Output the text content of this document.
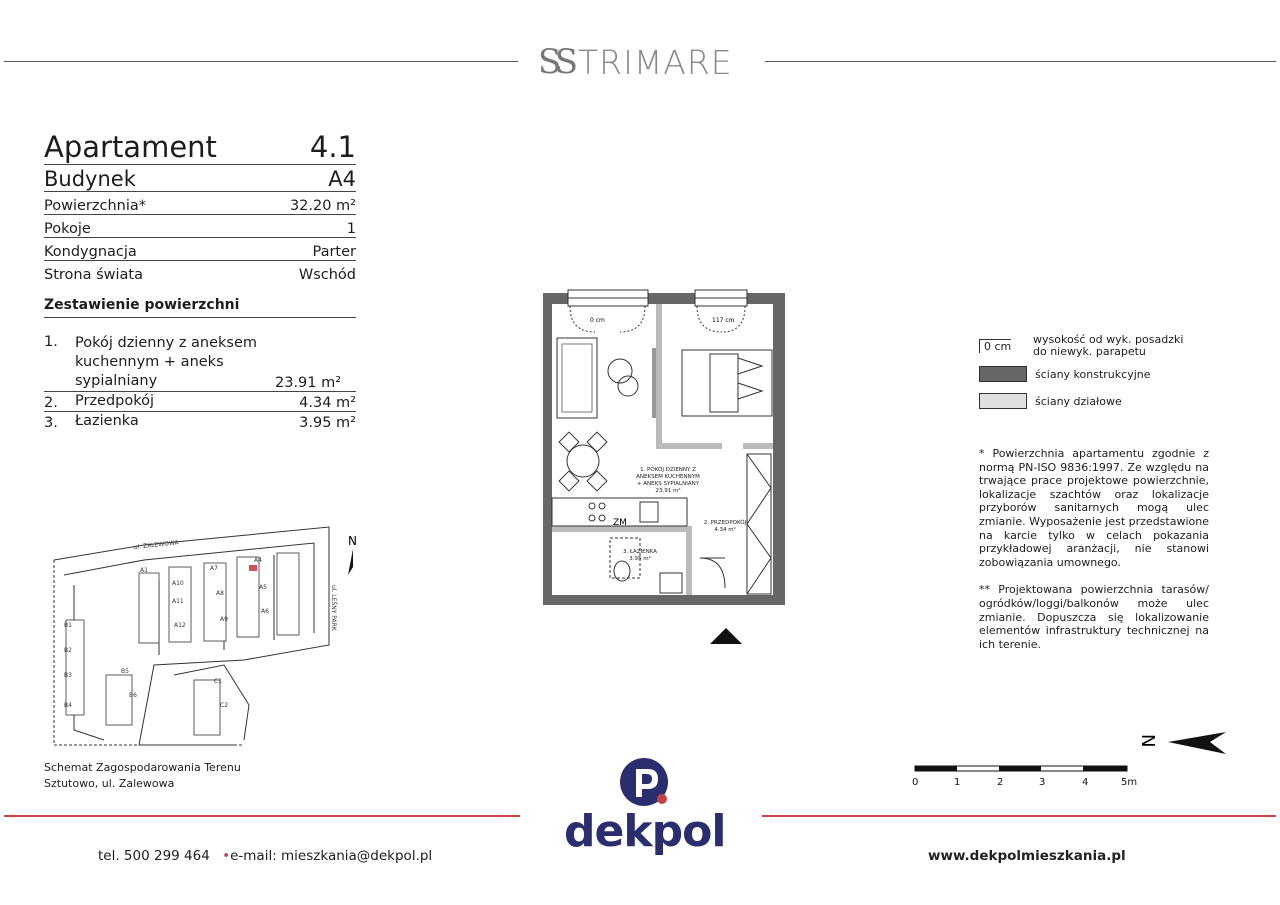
SS TRIMARE
Apartament	4.1
Budynek	A4
Powierzchnia*	32.20 m²
Pokoje	1
Kondygnacja	Parter
Strona świata	Wschód
Zestawienie powierzchni
1.	Pokój dzienny z aneksem kuchennym + aneks sypialniany	23.91 m²
2.	Przedpokój	4.34 m²
3.	Łazienka	3.95 m²
ul. ZALEWOWA
ul. LEŚNY PARK
A1
A12
A7
A8
A9
A4
A5
A6
B1
B2
B3
B4
B5
B6
C1
C2
A10
A11
N
Schemat Zagospodarowania Terenu
Sztutowo, ul. Zalewowa
0 cm	117 cm
ZM
1. POKÓJ DZIENNY Z
ANEKSEM KUCHENNYM
+ ANEKS SYPIALNIANY
23.91 m²
2. PRZEDPOKÓJ
4.34 m²
3. ŁAZIENKA
3.95 m²
0 cm	wysokość od wyk. posadzki
do niewyk. parapetu
ściany konstrukcyjne
ściany działowe

* Powierzchnia apartamentu zgodnie z normą PN-ISO 9836:1997. Ze względu na trwające prace projektowe powierzchnie, lokalizacje szachtów oraz lokalizacje przyborów sanitarnych mogą ulec zmianie. Wyposażenie jest przedstawione na karcie tylko w celach pokazania przykładowej aranżacji, nie stanowi zobowiązania umownego.

** Projektowana powierzchnia tarasów/ ogródków/loggi/balkonów może ulec zmianie. Dopuszcza się lokalizowanie elementów infrastruktury technicznej na ich terenie.

N
0	1	2	3	4	5m
dekpol
tel. 500 299 464 •e-mail: mieszkania@dekpol.pl	www.dekpolmieszkania.pl
